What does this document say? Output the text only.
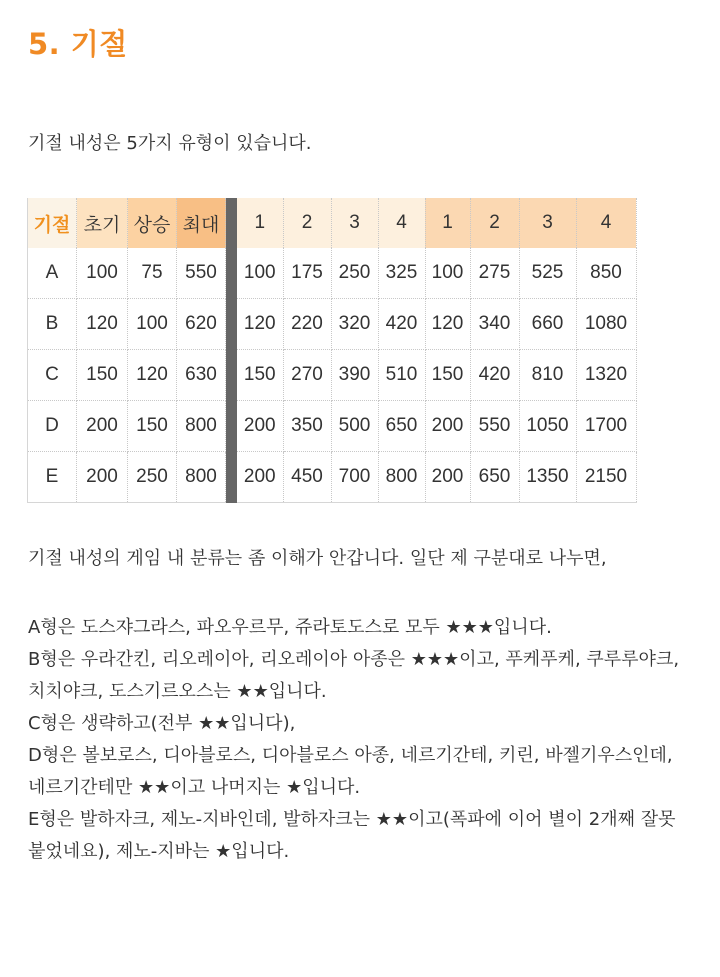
5. 기절
기절 내성은 5가지 유형이 있습니다.
기절	초기	상승	최대		1	2	3	4	1	2	3	4
A	100	75	550		100	175	250	325	100	275	525	850
B	120	100	620		120	220	320	420	120	340	660	1080
C	150	120	630		150	270	390	510	150	420	810	1320
D	200	150	800		200	350	500	650	200	550	1050	1700
E	200	250	800		200	450	700	800	200	650	1350	2150

기절 내성의 게임 내 분류는 좀 이해가 안갑니다. 일단 제 구분대로 나누면,

A형은 도스쟈그라스, 파오우르무, 쥬라토도스로 모두 ★★★입니다.

B형은 우라간킨, 리오레이아, 리오레이아 아종은 ★★★이고, 푸케푸케, 쿠루루야크, 치치야크, 도스기르오스는 ★★입니다.

C형은 생략하고(전부 ★★입니다),

D형은 볼보로스, 디아블로스, 디아블로스 아종, 네르기간테, 키린, 바젤기우스인데, 네르기간테만 ★★이고 나머지는 ★입니다.

E형은 발하자크, 제노-지바인데, 발하자크는 ★★이고(폭파에 이어 별이 2개째 잘못 붙었네요), 제노-지바는 ★입니다.
